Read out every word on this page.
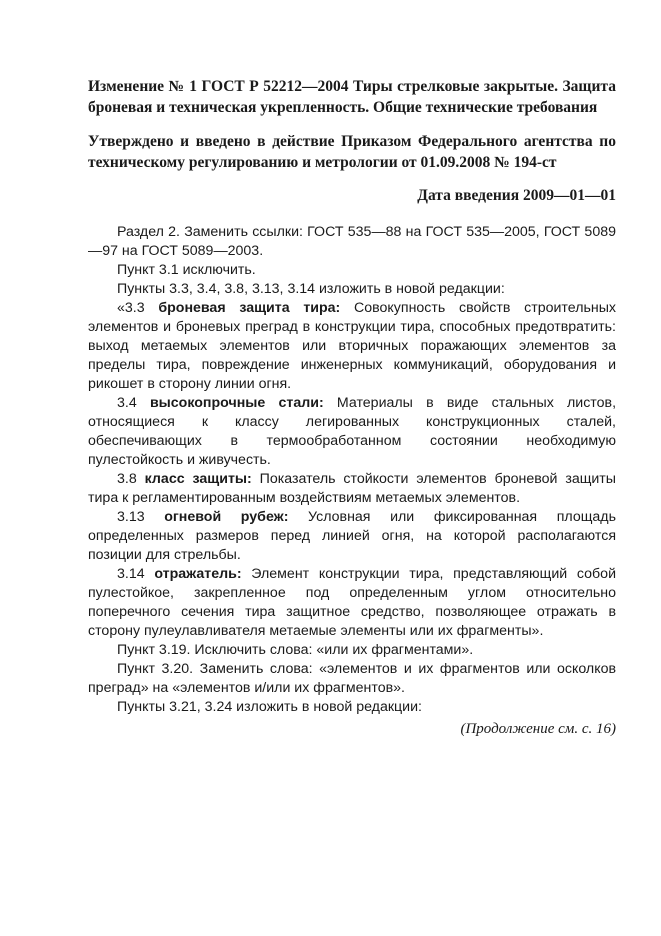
Изменение № 1 ГОСТ Р 52212—2004 Тиры стрелковые закрытые. Защита броневая и техническая укрепленность. Общие технические требования

Утверждено и введено в действие Приказом Федерального агентства по техническому регулированию и метрологии от 01.09.2008 № 194-ст

Дата введения 2009—01—01

Раздел 2. Заменить ссылки: ГОСТ 535—88 на ГОСТ 535—2005, ГОСТ 5089—97 на ГОСТ 5089—2003.

Пункт 3.1 исключить.

Пункты 3.3, 3.4, 3.8, 3.13, 3.14 изложить в новой редакции:

«3.3 броневая защита тира: Совокупность свойств строительных элементов и броневых преград в конструкции тира, способных предотвратить: выход метаемых элементов или вторичных поражающих элементов за пределы тира, повреждение инженерных коммуникаций, оборудования и рикошет в сторону линии огня.

3.4 высокопрочные стали: Материалы в виде стальных листов, относящиеся к классу легированных конструкционных сталей, обеспечивающих в термообработанном состоянии необходимую пулестойкость и живучесть.

3.8 класс защиты: Показатель стойкости элементов броневой защиты тира к регламентированным воздействиям метаемых элементов.

3.13 огневой рубеж: Условная или фиксированная площадь определенных размеров перед линией огня, на которой располагаются позиции для стрельбы.

3.14 отражатель: Элемент конструкции тира, представляющий собой пулестойкое, закрепленное под определенным углом относительно поперечного сечения тира защитное средство, позволяющее отражать в сторону пулеулавливателя метаемые элементы или их фрагменты».

Пункт 3.19. Исключить слова: «или их фрагментами».

Пункт 3.20. Заменить слова: «элементов и их фрагментов или осколков преград» на «элементов и/или их фрагментов».

Пункты 3.21, 3.24 изложить в новой редакции:

(Продолжение см. с. 16)
